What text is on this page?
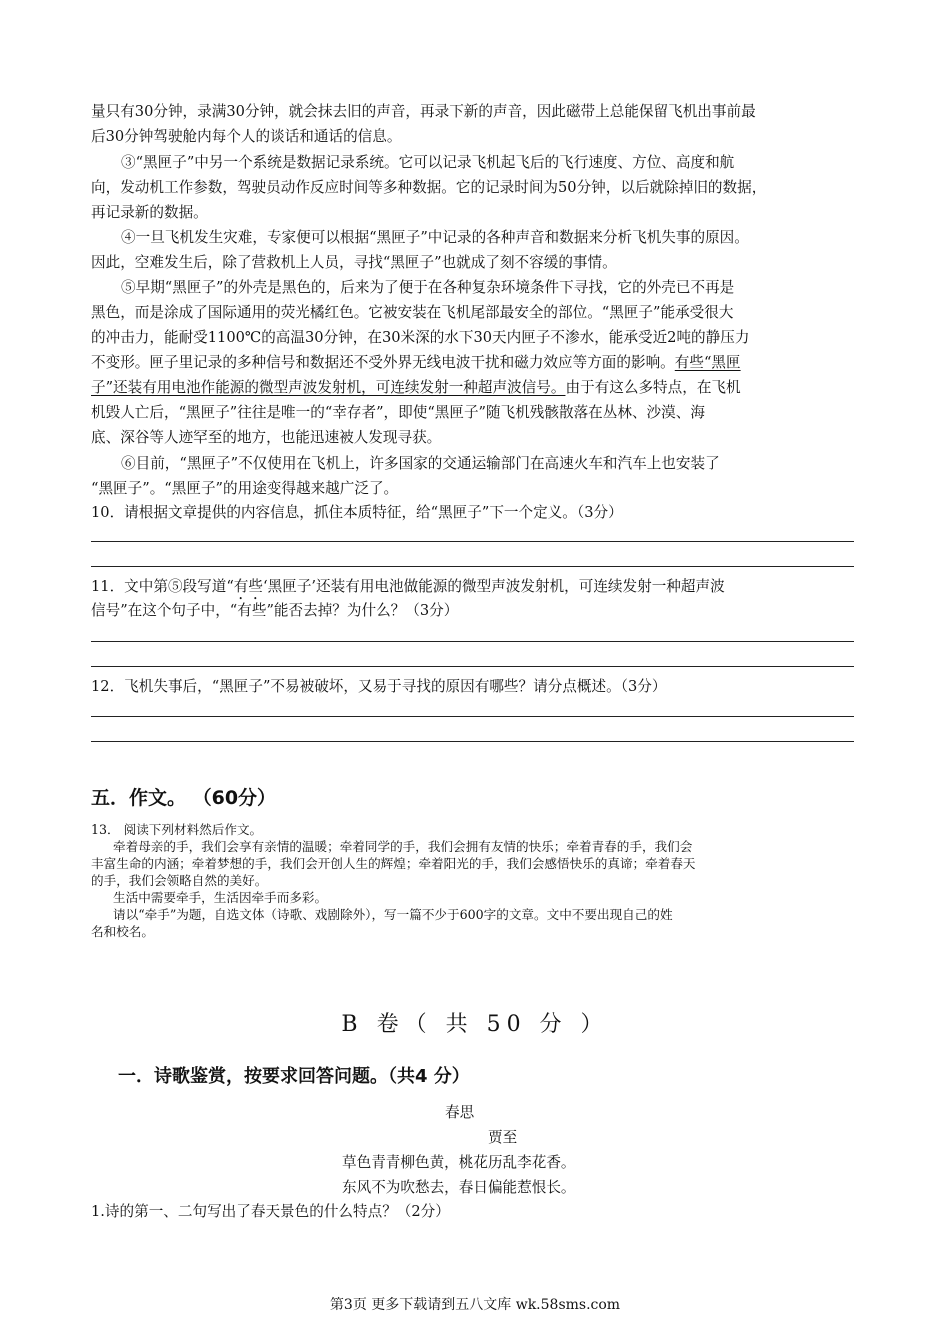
量只有30分钟，录满30分钟，就会抹去旧的声音，再录下新的声音，因此磁带上总能保留飞机出事前最
后30分钟驾驶舱内每个人的谈话和通话的信息。
③“黑匣子”中另一个系统是数据记录系统。它可以记录飞机起飞后的飞行速度、方位、高度和航
向，发动机工作参数，驾驶员动作反应时间等多种数据。它的记录时间为50分钟，以后就除掉旧的数据，
再记录新的数据。
④一旦飞机发生灾难，专家便可以根据“黑匣子”中记录的各种声音和数据来分析飞机失事的原因。
因此，空难发生后，除了营救机上人员，寻找“黑匣子”也就成了刻不容缓的事情。
⑤早期“黑匣子”的外壳是黑色的，后来为了便于在各种复杂环境条件下寻找，它的外壳已不再是
黑色，而是涂成了国际通用的荧光橘红色。它被安装在飞机尾部最安全的部位。“黑匣子”能承受很大
的冲击力，能耐受1100℃的高温30分钟，在30米深的水下30天内匣子不渗水，能承受近2吨的静压力
不变形。匣子里记录的多种信号和数据还不受外界无线电波干扰和磁力效应等方面的影响。有些“黑匣
子”还装有用电池作能源的微型声波发射机，可连续发射一种超声波信号。由于有这么多特点，在飞机
机毁人亡后，“黑匣子”往往是唯一的“幸存者”，即使“黑匣子”随飞机残骸散落在丛林、沙漠、海
底、深谷等人迹罕至的地方，也能迅速被人发现寻获。
⑥目前，“黑匣子”不仅使用在飞机上，许多国家的交通运输部门在高速火车和汽车上也安装了
“黑匣子”。“黑匣子”的用途变得越来越广泛了。
10．请根据文章提供的内容信息，抓住本质特征，给“黑匣子”下一个定义。（3分）
11．文中第⑤段写道“有些‘黑匣子’还装有用电池做能源的微型声波发射机，可连续发射一种超声波
信号”在这个句子中，“有些”能否去掉？为什么？（3分）
12．飞机失事后，“黑匣子”不易被破坏，又易于寻找的原因有哪些？请分点概述。（3分）
五．作文。 （60分）
13． 阅读下列材料然后作文。
牵着母亲的手，我们会享有亲情的温暖；牵着同学的手，我们会拥有友情的快乐；牵着青春的手，我们会
丰富生命的内涵；牵着梦想的手，我们会开创人生的辉煌；牵着阳光的手，我们会感悟快乐的真谛；牵着春天
的手，我们会领略自然的美好。
生活中需要牵手，生活因牵手而多彩。
请以“牵手”为题，自选文体（诗歌、戏剧除外），写一篇不少于600字的文章。文中不要出现自己的姓
名和校名。
B 卷（ 共 50 分 ）
一．诗歌鉴赏，按要求回答问题。（共4 分）
春思
贾至
草色青青柳色黄，桃花历乱李花香。
东风不为吹愁去，春日偏能惹恨长。
1.诗的第一、二句写出了春天景色的什么特点？（2分）
第3页 更多下载请到五八文库 wk.58sms.com
